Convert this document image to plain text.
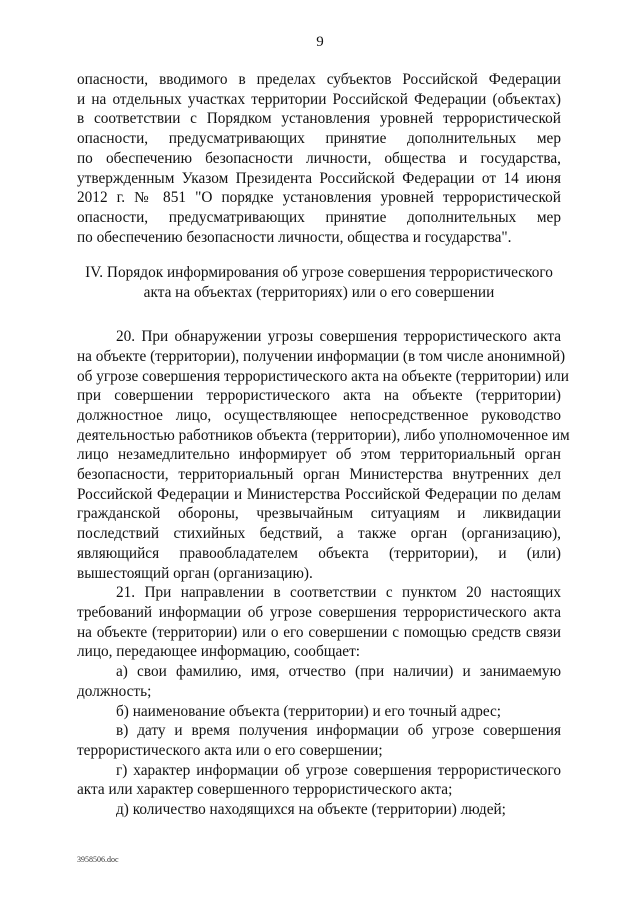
9
опасности, вводимого в пределах субъектов Российской Федерации
и на отдельных участках территории Российской Федерации (объектах)
в соответствии с Порядком установления уровней террористической
опасности, предусматривающих принятие дополнительных мер
по обеспечению безопасности личности, общества и государства,
утвержденным Указом Президента Российской Федерации от 14 июня
2012 г. № 851 "О порядке установления уровней террористической
опасности, предусматривающих принятие дополнительных мер
по обеспечению безопасности личности, общества и государства".
IV. Порядок информирования об угрозе совершения террористического
акта на объектах (территориях) или о его совершении
20. При обнаружении угрозы совершения террористического акта
на объекте (территории), получении информации (в том числе анонимной)
об угрозе совершения террористического акта на объекте (территории) или
при совершении террористического акта на объекте (территории)
должностное лицо, осуществляющее непосредственное руководство
деятельностью работников объекта (территории), либо уполномоченное им
лицо незамедлительно информирует об этом территориальный орган
безопасности, территориальный орган Министерства внутренних дел
Российской Федерации и Министерства Российской Федерации по делам
гражданской обороны, чрезвычайным ситуациям и ликвидации
последствий стихийных бедствий, а также орган (организацию),
являющийся правообладателем объекта (территории), и (или)
вышестоящий орган (организацию).
21. При направлении в соответствии с пунктом 20 настоящих
требований информации об угрозе совершения террористического акта
на объекте (территории) или о его совершении с помощью средств связи
лицо, передающее информацию, сообщает:
а) свои фамилию, имя, отчество (при наличии) и занимаемую
должность;
б) наименование объекта (территории) и его точный адрес;
в) дату и время получения информации об угрозе совершения
террористического акта или о его совершении;
г) характер информации об угрозе совершения террористического
акта или характер совершенного террористического акта;
д) количество находящихся на объекте (территории) людей;
3958506.doc
